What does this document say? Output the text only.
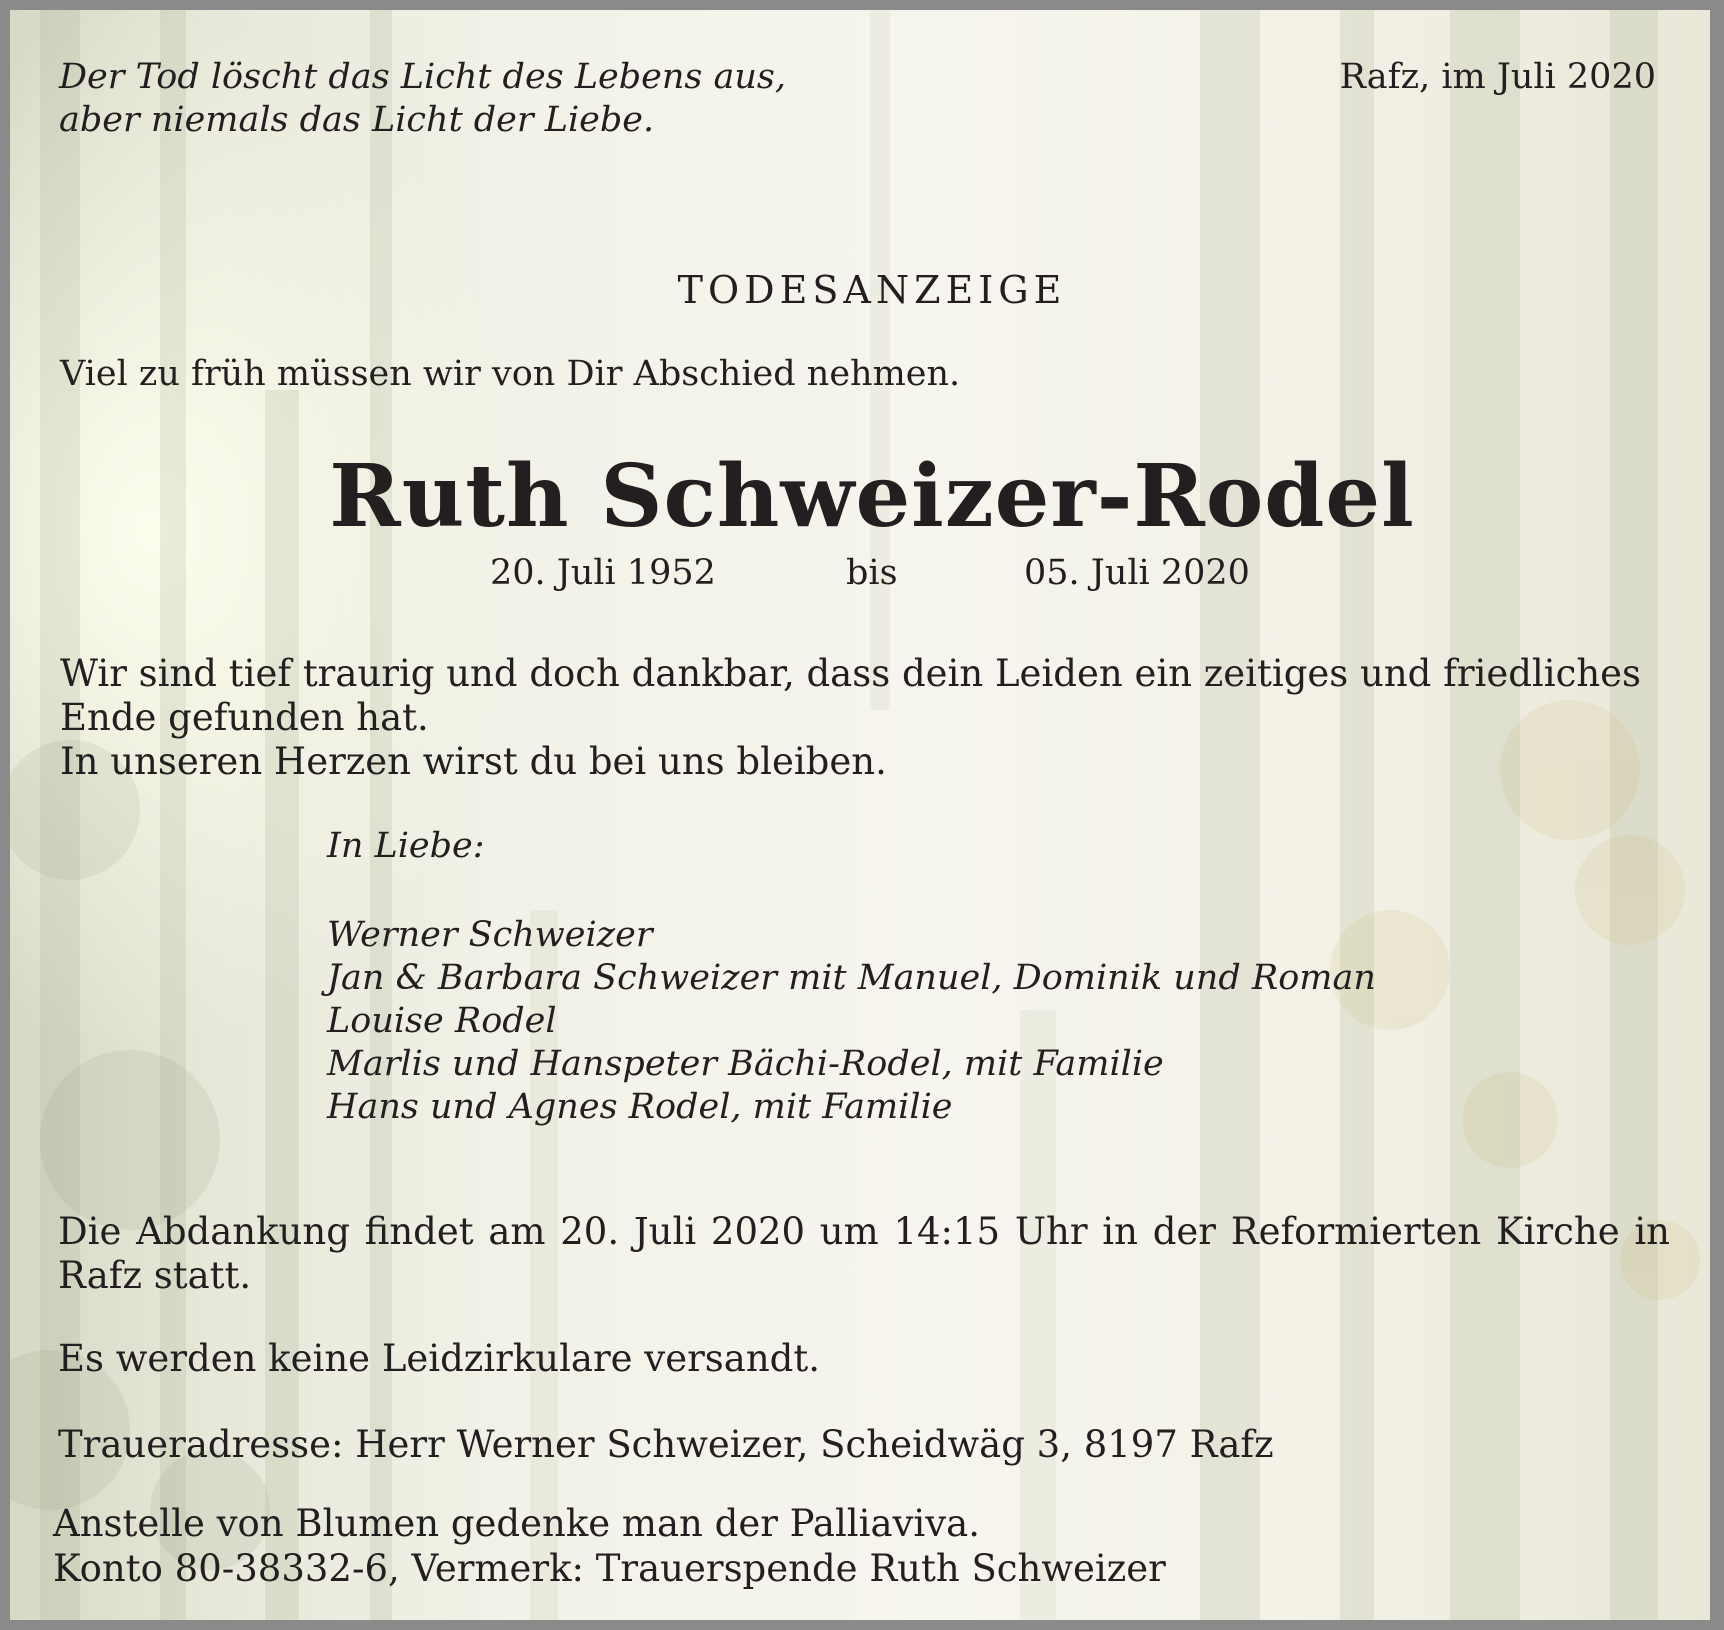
Der Tod löscht das Licht des Lebens aus,
aber niemals das Licht der Liebe.
Rafz, im Juli 2020
TODESANZEIGE
Viel zu früh müssen wir von Dir Abschied nehmen.
Ruth Schweizer-Rodel
20. Juli 1952	bis	05. Juli 2020
Wir sind tief traurig und doch dankbar, dass dein Leiden ein zeitiges und friedliches
Ende gefunden hat.
In unseren Herzen wirst du bei uns bleiben.
In Liebe:
Werner Schweizer
Jan & Barbara Schweizer mit Manuel, Dominik und Roman
Louise Rodel
Marlis und Hanspeter Bächi-Rodel, mit Familie
Hans und Agnes Rodel, mit Familie
Die Abdankung findet am 20. Juli 2020 um 14:15 Uhr in der Reformierten Kirche in Rafz statt.
Es werden keine Leidzirkulare versandt.
Traueradresse: Herr Werner Schweizer, Scheidwäg 3, 8197 Rafz
Anstelle von Blumen gedenke man der Palliaviva.
Konto 80-38332-6, Vermerk: Trauerspende Ruth Schweizer
